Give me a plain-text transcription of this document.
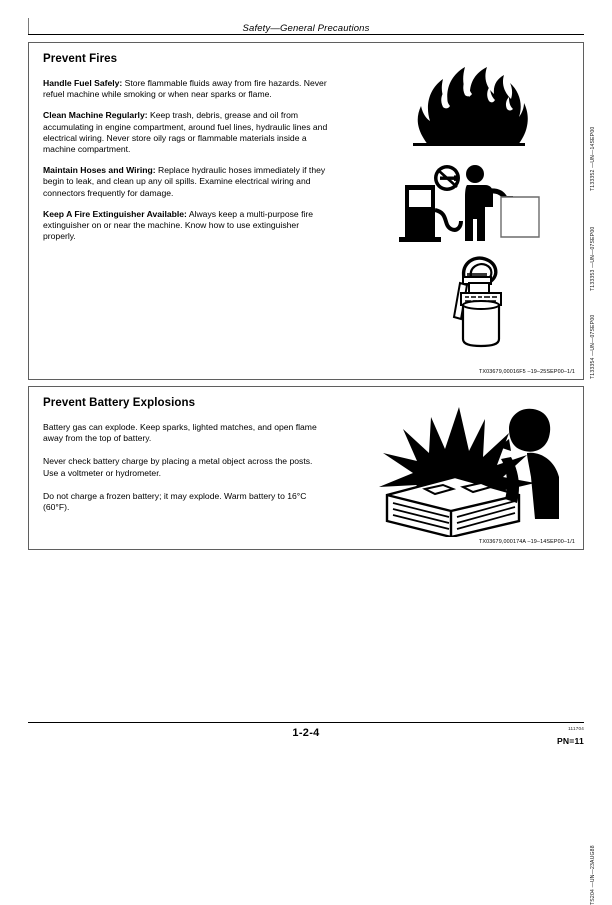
Safety—General Precautions
Prevent Fires

Handle Fuel Safely: Store flammable fluids away from fire hazards. Never refuel machine while smoking or when near sparks or flame.

Clean Machine Regularly: Keep trash, debris, grease and oil from accumulating in engine compartment, around fuel lines, hydraulic lines and electrical wiring. Never store oily rags or flammable materials inside a machine compartment.

Maintain Hoses and Wiring: Replace hydraulic hoses immediately if they begin to leak, and clean up any oil spills. Examine electrical wiring and connectors frequently for damage.

Keep A Fire Extinguisher Available: Always keep a multi-purpose fire extinguisher on or near the machine. Know how to use extinguisher properly.

T133352 —UN—14SEP00
T133353 —UN—07SEP00
T133354 —UN—07SEP00
TX03679,00016F5 –19–25SEP00–1/1
Prevent Battery Explosions

Battery gas can explode. Keep sparks, lighted matches, and open flame away from the top of battery.

Never check battery charge by placing a metal object across the posts. Use a voltmeter or hydrometer.

Do not charge a frozen battery; it may explode. Warm battery to 16°C (60°F).

TS204 —UN—23AUG88
TX03679,000174A –19–14SEP00–1/1
1-2-4	111704
PN=11
